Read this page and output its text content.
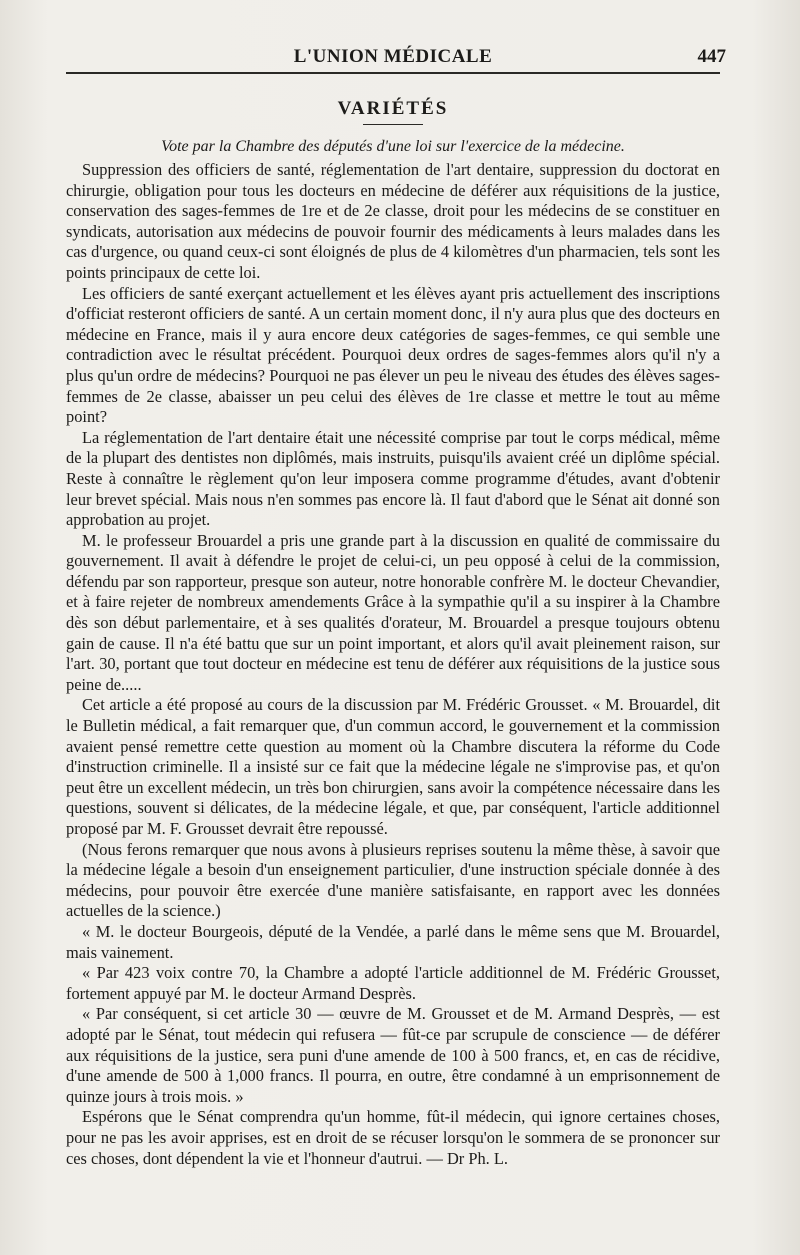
L'UNION MÉDICALE	447
VARIÉTÉS
Vote par la Chambre des députés d'une loi sur l'exercice de la médecine.

Suppression des officiers de santé, réglementation de l'art dentaire, suppression du doctorat en chirurgie, obligation pour tous les docteurs en médecine de déférer aux réquisitions de la justice, conservation des sages-femmes de 1re et de 2e classe, droit pour les médecins de se constituer en syndicats, autorisation aux médecins de pouvoir fournir des médicaments à leurs malades dans les cas d'urgence, ou quand ceux-ci sont éloignés de plus de 4 kilomètres d'un pharmacien, tels sont les points principaux de cette loi.

Les officiers de santé exerçant actuellement et les élèves ayant pris actuellement des inscriptions d'officiat resteront officiers de santé. A un certain moment donc, il n'y aura plus que des docteurs en médecine en France, mais il y aura encore deux catégories de sages-femmes, ce qui semble une contradiction avec le résultat précédent. Pourquoi deux ordres de sages-femmes alors qu'il n'y a plus qu'un ordre de médecins? Pourquoi ne pas élever un peu le niveau des études des élèves sages-femmes de 2e classe, abaisser un peu celui des élèves de 1re classe et mettre le tout au même point?

La réglementation de l'art dentaire était une nécessité comprise par tout le corps médical, même de la plupart des dentistes non diplômés, mais instruits, puisqu'ils avaient créé un diplôme spécial. Reste à connaître le règlement qu'on leur imposera comme programme d'études, avant d'obtenir leur brevet spécial. Mais nous n'en sommes pas encore là. Il faut d'abord que le Sénat ait donné son approbation au projet.

M. le professeur Brouardel a pris une grande part à la discussion en qualité de commissaire du gouvernement. Il avait à défendre le projet de celui-ci, un peu opposé à celui de la commission, défendu par son rapporteur, presque son auteur, notre honorable confrère M. le docteur Chevandier, et à faire rejeter de nombreux amendements Grâce à la sympathie qu'il a su inspirer à la Chambre dès son début parlementaire, et à ses qualités d'orateur, M. Brouardel a presque toujours obtenu gain de cause. Il n'a été battu que sur un point important, et alors qu'il avait pleinement raison, sur l'art. 30, portant que tout docteur en médecine est tenu de déférer aux réquisitions de la justice sous peine de.....

Cet article a été proposé au cours de la discussion par M. Frédéric Grousset. « M. Brouardel, dit le Bulletin médical, a fait remarquer que, d'un commun accord, le gouvernement et la commission avaient pensé remettre cette question au moment où la Chambre discutera la réforme du Code d'instruction criminelle. Il a insisté sur ce fait que la médecine légale ne s'improvise pas, et qu'on peut être un excellent médecin, un très bon chirurgien, sans avoir la compétence nécessaire dans les questions, souvent si délicates, de la médecine légale, et que, par conséquent, l'article additionnel proposé par M. F. Grousset devrait être repoussé.

(Nous ferons remarquer que nous avons à plusieurs reprises soutenu la même thèse, à savoir que la médecine légale a besoin d'un enseignement particulier, d'une instruction spéciale donnée à des médecins, pour pouvoir être exercée d'une manière satisfaisante, en rapport avec les données actuelles de la science.)

« M. le docteur Bourgeois, député de la Vendée, a parlé dans le même sens que M. Brouardel, mais vainement.

« Par 423 voix contre 70, la Chambre a adopté l'article additionnel de M. Frédéric Grousset, fortement appuyé par M. le docteur Armand Desprès.

« Par conséquent, si cet article 30 — œuvre de M. Grousset et de M. Armand Desprès, — est adopté par le Sénat, tout médecin qui refusera — fût-ce par scrupule de conscience — de déférer aux réquisitions de la justice, sera puni d'une amende de 100 à 500 francs, et, en cas de récidive, d'une amende de 500 à 1,000 francs. Il pourra, en outre, être condamné à un emprisonnement de quinze jours à trois mois. »

Espérons que le Sénat comprendra qu'un homme, fût-il médecin, qui ignore certaines choses, pour ne pas les avoir apprises, est en droit de se récuser lorsqu'on le sommera de se prononcer sur ces choses, dont dépendent la vie et l'honneur d'autrui. — Dr Ph. L.
